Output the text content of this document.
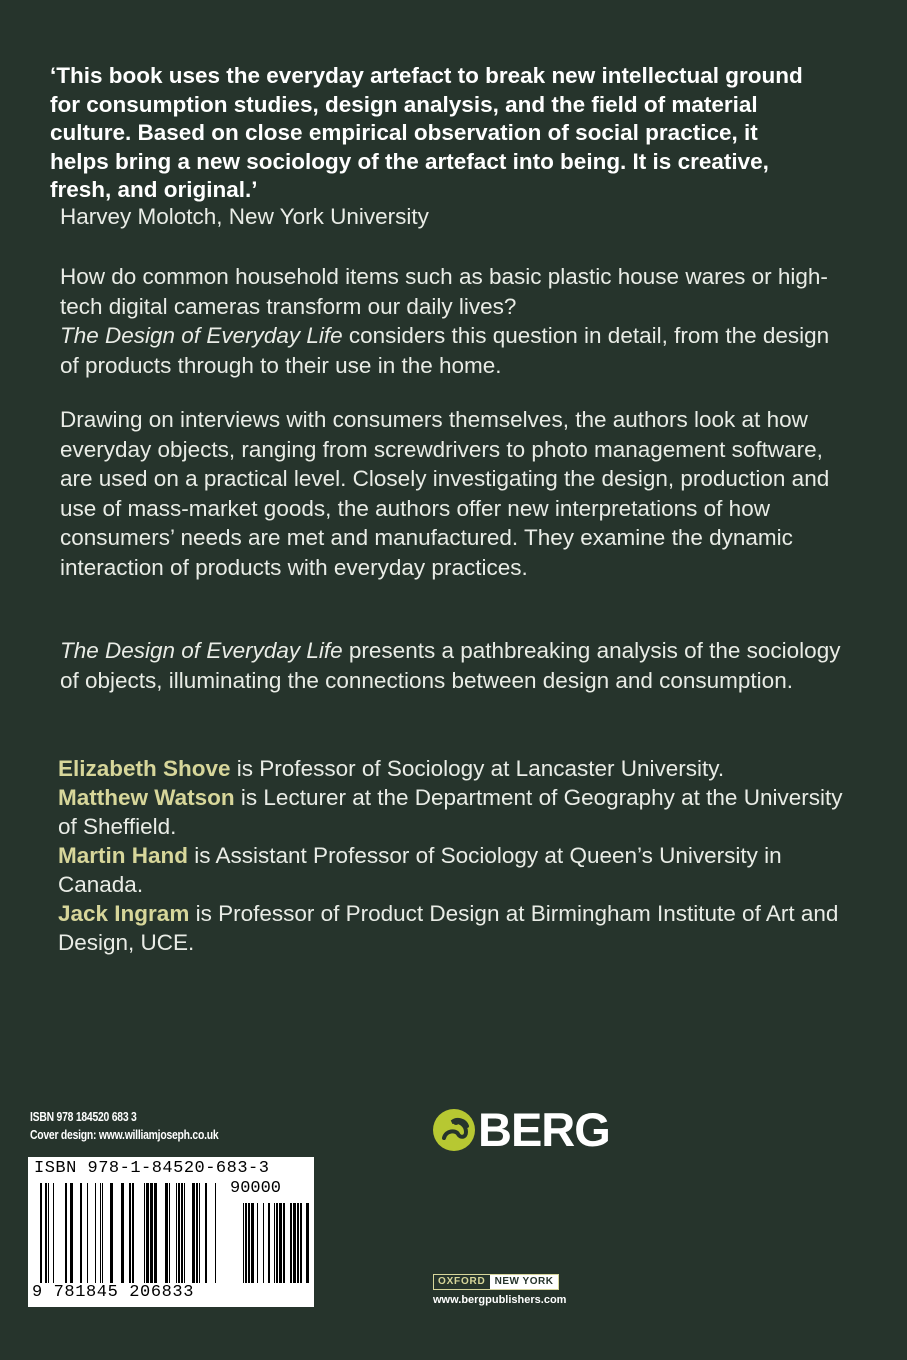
‘This book uses the everyday artefact to break new intellectual ground for consumption studies, design analysis, and the field of material culture. Based on close empirical observation of social practice, it helps bring a new sociology of the artefact into being. It is creative, fresh, and original.’

Harvey Molotch, New York University

How do common household items such as basic plastic house wares or high-tech digital cameras transform our daily lives?
The Design of Everyday Life considers this question in detail, from the design of products through to their use in the home.

Drawing on interviews with consumers themselves, the authors look at how everyday objects, ranging from screwdrivers to photo management software, are used on a practical level. Closely investigating the design, production and use of mass-market goods, the authors offer new interpretations of how consumers’ needs are met and manufactured. They examine the dynamic interaction of products with everyday practices.

The Design of Everyday Life presents a pathbreaking analysis of the sociology of objects, illuminating the connections between design and consumption.

Elizabeth Shove is Professor of Sociology at Lancaster University.

Matthew Watson is Lecturer at the Department of Geography at the University of Sheffield.

Martin Hand is Assistant Professor of Sociology at Queen’s University in Canada.

Jack Ingram is Professor of Product Design at Birmingham Institute of Art and Design, UCE.

ISBN 978 184520 683 3
Cover design: www.williamjoseph.co.uk
ISBN 978-1-84520-683-3
90000
9 781845 206833
BERG
OXFORD NEW YORK
www.bergpublishers.com
